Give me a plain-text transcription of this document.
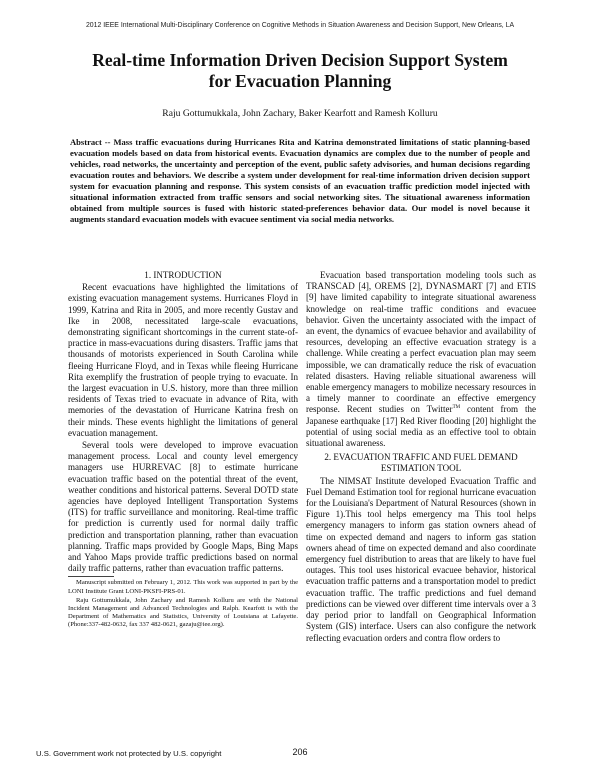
2012 IEEE International Multi-Disciplinary Conference on Cognitive Methods in Situation Awareness and Decision Support, New Orleans, LA
Real-time Information Driven Decision Support System
for Evacuation Planning
Raju Gottumukkala, John Zachary, Baker Kearfott and Ramesh Kolluru
Abstract -- Mass traffic evacuations during Hurricanes Rita and Katrina demonstrated limitations of static planning-based evacuation models based on data from historical events. Evacuation dynamics are complex due to the number of people and vehicles, road networks, the uncertainty and perception of the event, public safety advisories, and human decisions regarding evacuation routes and behaviors. We describe a system under development for real-time information driven decision support system for evacuation planning and response. This system consists of an evacuation traffic prediction model injected with situational information extracted from traffic sensors and social networking sites. The situational awareness information obtained from multiple sources is fused with historic stated-preferences behavior data. Our model is novel because it augments standard evacuation models with evacuee sentiment via social media networks.
1. INTRODUCTION

Recent evacuations have highlighted the limitations of existing evacuation management systems. Hurricanes Floyd in 1999, Katrina and Rita in 2005, and more recently Gustav and Ike in 2008, necessitated large-scale evacuations, demonstrating significant shortcomings in the current state-of-practice in mass-evacuations during disasters. Traffic jams that thousands of motorists experienced in South Carolina while fleeing Hurricane Floyd, and in Texas while fleeing Hurricane Rita exemplify the frustration of people trying to evacuate. In the largest evacuation in U.S. history, more than three million residents of Texas tried to evacuate in advance of Rita, with memories of the devastation of Hurricane Katrina fresh on their minds. These events highlight the limitations of general evacuation management.

Several tools were developed to improve evacuation management process. Local and county level emergency managers use HURREVAC [8] to estimate hurricane evacuation traffic based on the potential threat of the event, weather conditions and historical patterns. Several DOTD state agencies have deployed Intelligent Transportation Systems (ITS) for traffic surveillance and monitoring. Real-time traffic for prediction is currently used for normal daily traffic prediction and transportation planning, rather than evacuation planning. Traffic maps provided by Google Maps, Bing Maps and Yahoo Maps provide traffic predictions based on normal daily traffic patterns, rather than evacuation traffic patterns.

Manuscript submitted on February 1, 2012. This work was supported in part by the LONI Institute Grant LONI-PKSFI-PRS-01.

Raju Gottumukkala, John Zachary and Ramesh Kolluru are with the National Incident Management and Advanced Technologies and Ralph. Kearfott is with the Department of Mathematics and Statistics, University of Louisiana at Lafayette. (Phone:337-482-0632, fax 337 482-0621, gazaju@iee.org).

Evacuation based transportation modeling tools such as TRANSCAD [4], OREMS [2], DYNASMART [7] and ETIS [9] have limited capability to integrate situational awareness knowledge on real-time traffic conditions and evacuee behavior. Given the uncertainty associated with the impact of an event, the dynamics of evacuee behavior and availability of resources, developing an effective evacuation strategy is a challenge. While creating a perfect evacuation plan may seem impossible, we can dramatically reduce the risk of evacuation related disasters. Having reliable situational awareness will enable emergency managers to mobilize necessary resources in a timely manner to coordinate an effective emergency response. Recent studies on Twitter™ content from the Japanese earthquake [17] Red River flooding [20] highlight the potential of using social media as an effective tool to obtain situational awareness.

2. EVACUATION TRAFFIC AND FUEL DEMAND
ESTIMATION TOOL

The NIMSAT Institute developed Evacuation Traffic and Fuel Demand Estimation tool for regional hurricane evacuation for the Louisiana's Department of Natural Resources (shown in Figure 1).This tool helps emergency ma This tool helps emergency managers to inform gas station owners ahead of time on expected demand and nagers to inform gas station owners ahead of time on expected demand and also coordinate emergency fuel distribution to areas that are likely to have fuel outages. This tool uses historical evacuee behavior, historical evacuation traffic patterns and a transportation model to predict evacuation traffic. The traffic predictions and fuel demand predictions can be viewed over different time intervals over a 3 day period prior to landfall on Geographical Information System (GIS) interface. Users can also configure the network reflecting evacuation orders and contra flow orders to

U.S. Government work not protected by U.S. copyright	206
